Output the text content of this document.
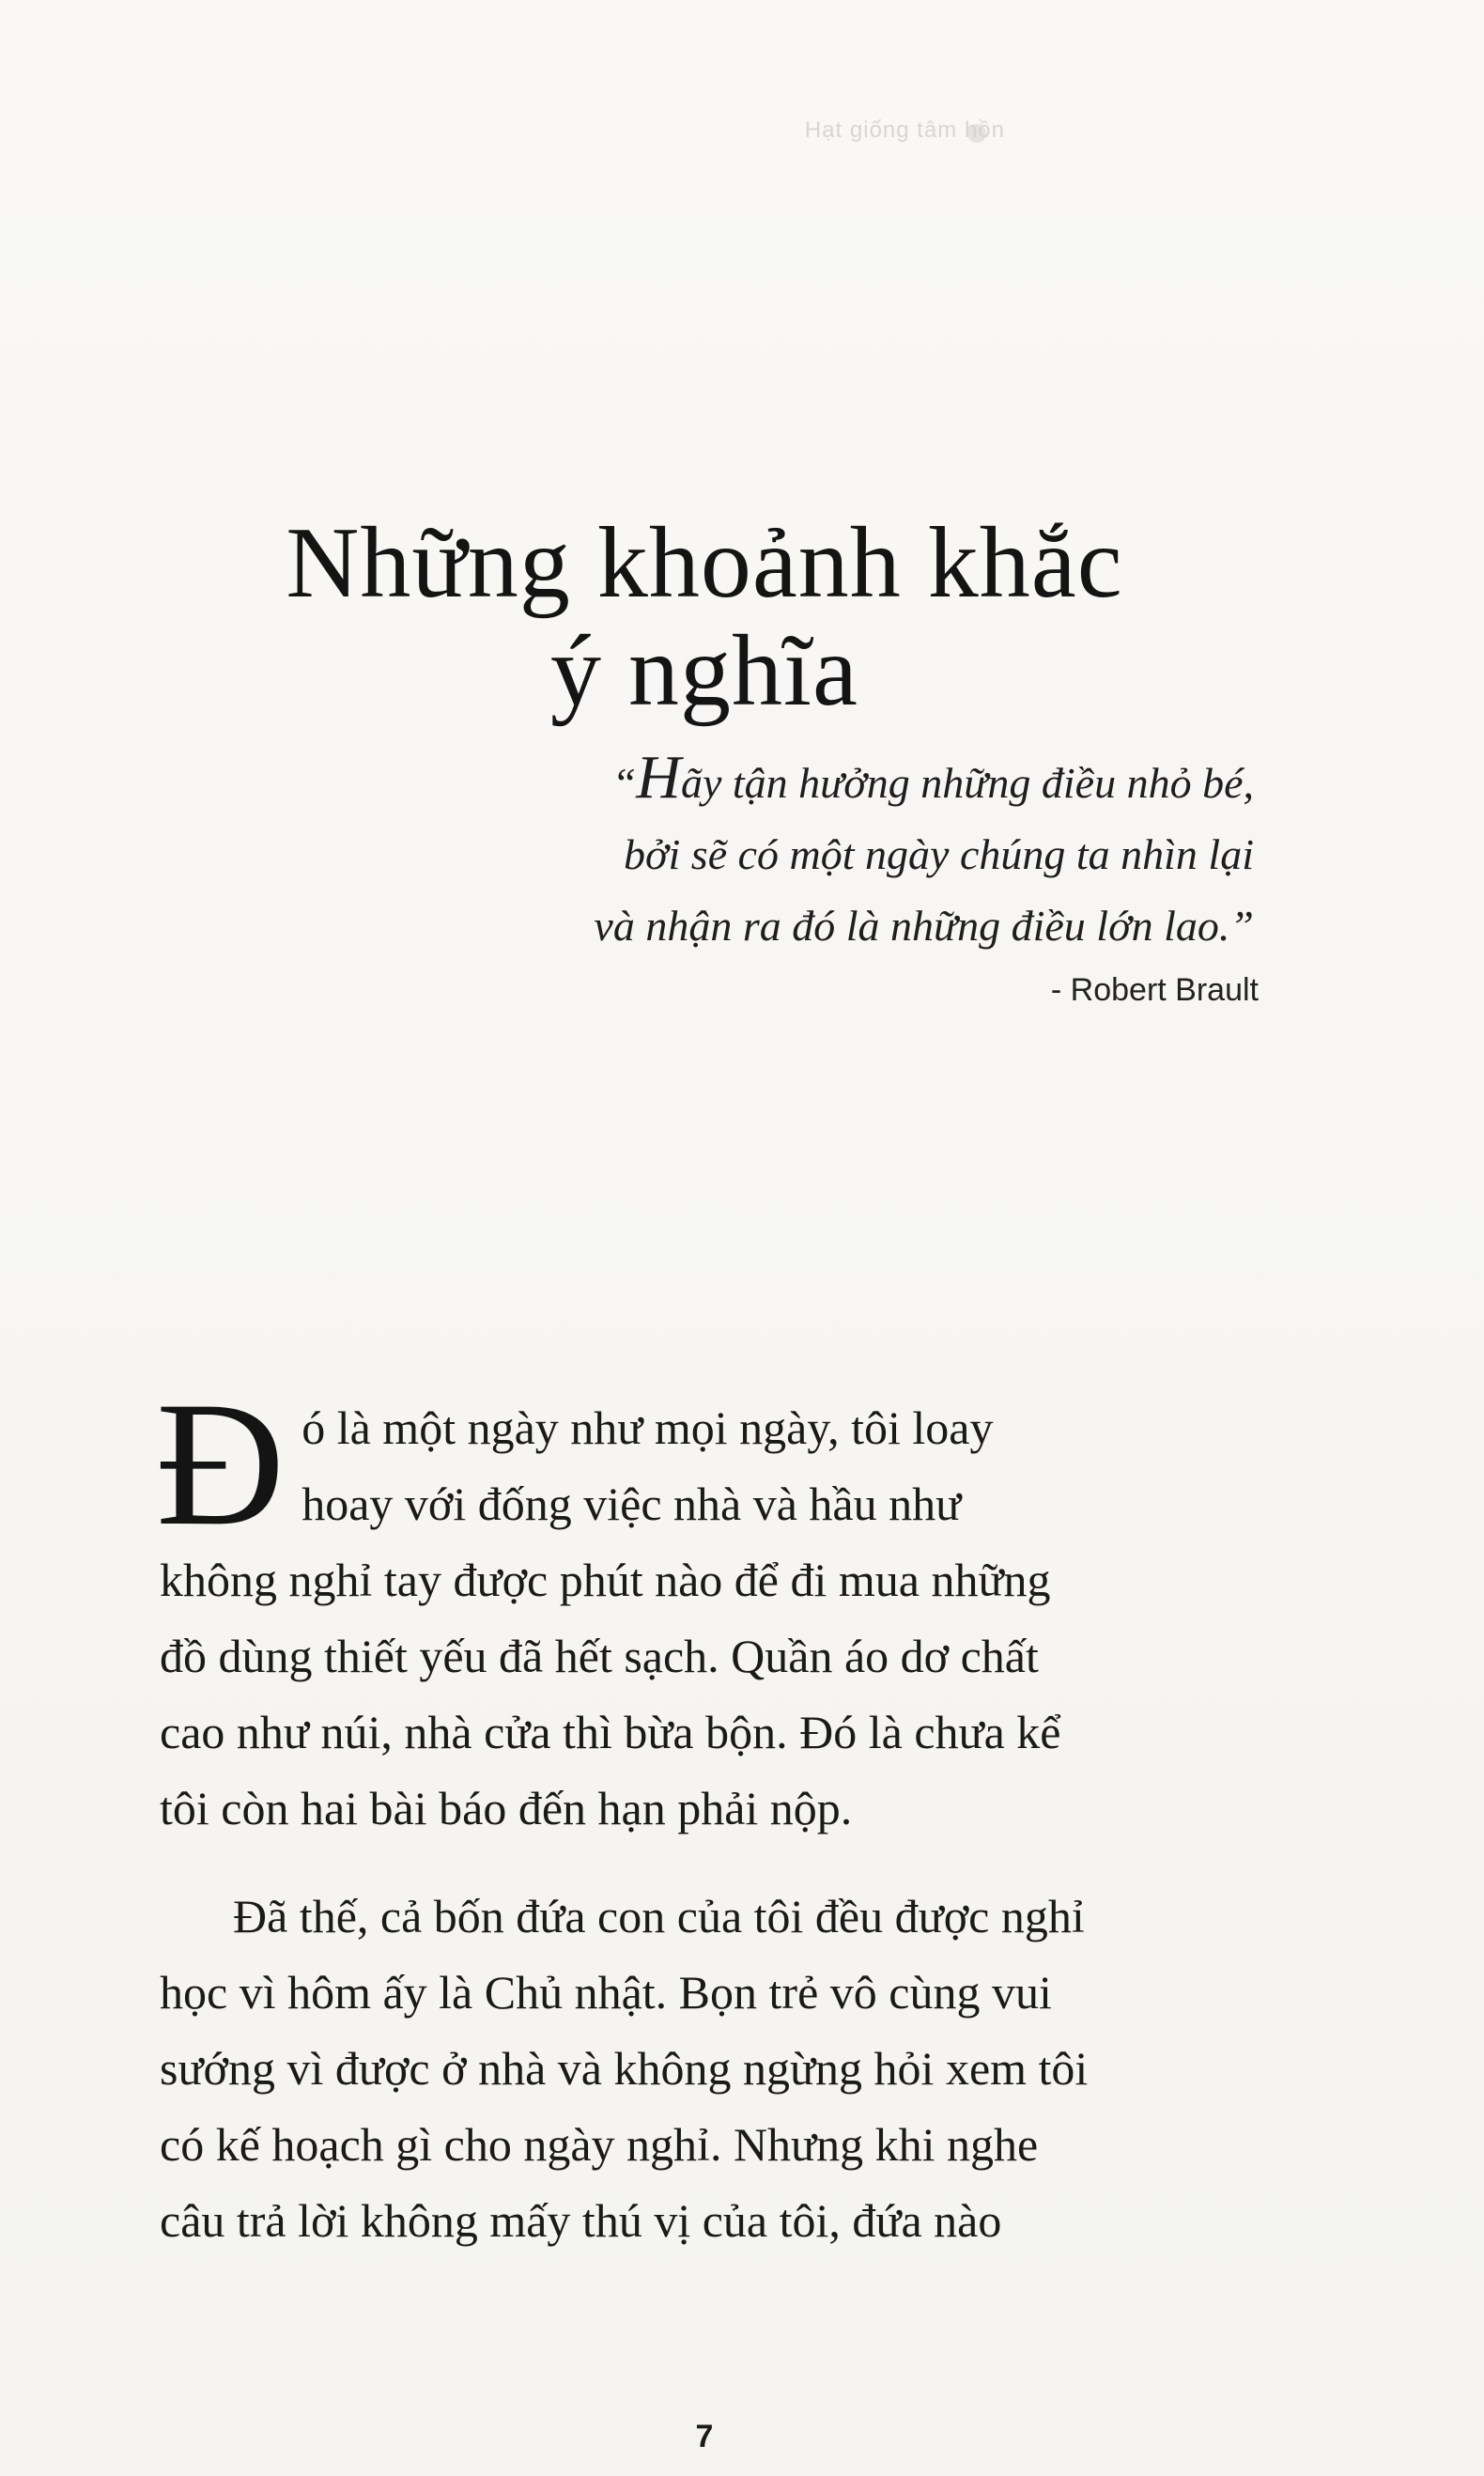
Hạt giống tâm hồn
Những khoảnh khắc
ý nghĩa
“Hãy tận hưởng những điều nhỏ bé,
bởi sẽ có một ngày chúng ta nhìn lại
và nhận ra đó là những điều lớn lao.”
- Robert Brault

Đ ó là một ngày như mọi ngày, tôi loay
hoay với đống việc nhà và hầu như
không nghỉ tay được phút nào để đi mua những
đồ dùng thiết yếu đã hết sạch. Quần áo dơ chất
cao như núi, nhà cửa thì bừa bộn. Đó là chưa kể
tôi còn hai bài báo đến hạn phải nộp.

Đã thế, cả bốn đứa con của tôi đều được nghỉ
học vì hôm ấy là Chủ nhật. Bọn trẻ vô cùng vui
sướng vì được ở nhà và không ngừng hỏi xem tôi
có kế hoạch gì cho ngày nghỉ. Nhưng khi nghe
câu trả lời không mấy thú vị của tôi, đứa nào

7
